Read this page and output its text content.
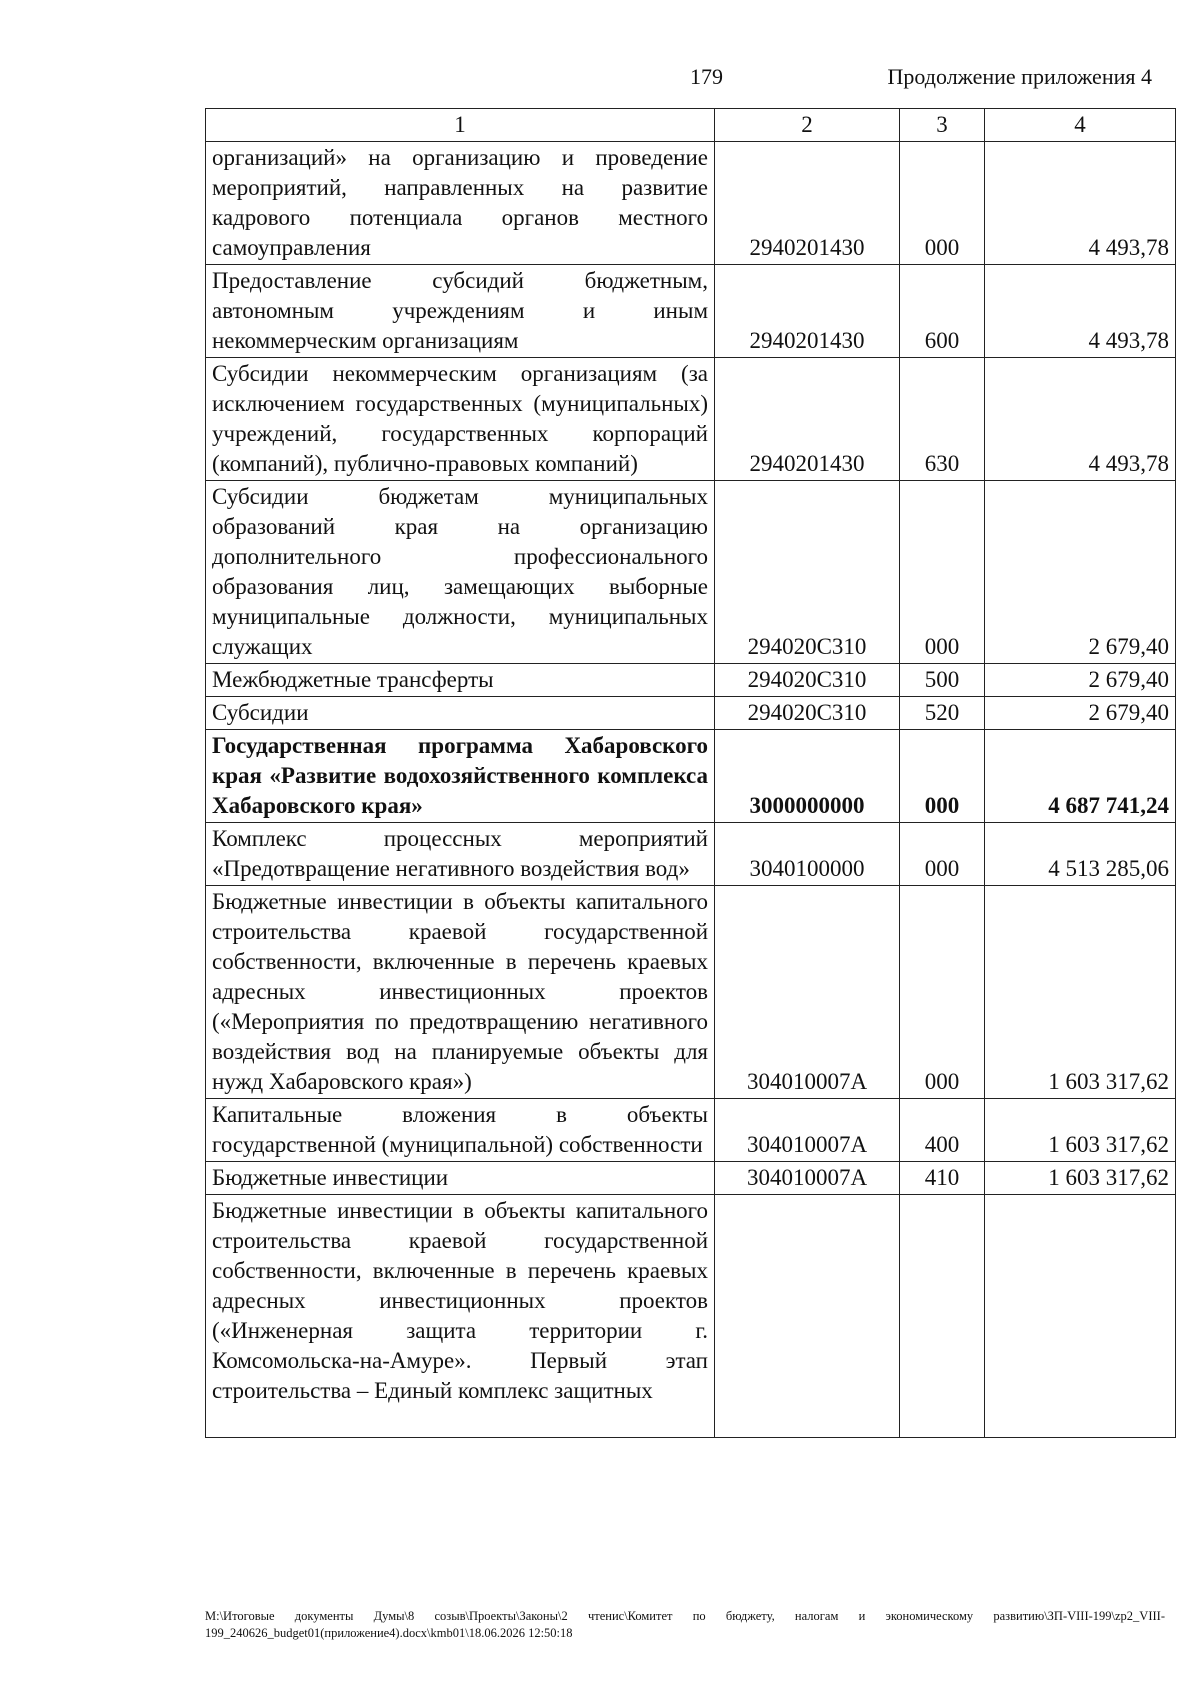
179	Продолжение приложения 4
1	2	3	4
организаций» на организацию и проведение мероприятий, направленных на развитие кадрового потенциала органов местного самоуправления	2940201430	000	4 493,78
Предоставление субсидий бюджетным, автономным учреждениям и иным некоммерческим организациям	2940201430	600	4 493,78
Субсидии некоммерческим организациям (за исключением государственных (муниципальных) учреждений, государственных корпораций (компаний), публично-правовых компаний)	2940201430	630	4 493,78
Субсидии бюджетам муниципальных образований края на организацию дополнительного профессионального образования лиц, замещающих выборные муниципальные должности, муниципальных служащих	294020С310	000	2 679,40
Межбюджетные трансферты	294020С310	500	2 679,40
Субсидии	294020С310	520	2 679,40
Государственная программа Хабаровского края «Развитие водохозяйственного комплекса Хабаровского края»	3000000000	000	4 687 741,24
Комплекс процессных мероприятий «Предотвращение негативного воздействия вод»	3040100000	000	4 513 285,06
Бюджетные инвестиции в объекты капитального строительства краевой государственной собственности, включенные в перечень краевых адресных инвестиционных проектов («Мероприятия по предотвращению негативного воздействия вод на планируемые объекты для нужд Хабаровского края»)	304010007А	000	1 603 317,62
Капитальные вложения в объекты государственной (муниципальной) собственности	304010007А	400	1 603 317,62
Бюджетные инвестиции	304010007А	410	1 603 317,62
Бюджетные инвестиции в объекты капитального строительства краевой государственной собственности, включенные в перечень краевых адресных инвестиционных проектов («Инженерная защита территории г. Комсомольска-на-Амуре». Первый этап строительства – Единый комплекс защитных			
M:\Итоговые документы Думы\8 созыв\Проекты\Законы\2 чтенис\Комитет по бюджету, налогам и экономическому развитию\ЗП-VIII-199\zp2_VIII-199_240626_budget01(приложение4).docx\kmb01\18.06.2026 12:50:18
